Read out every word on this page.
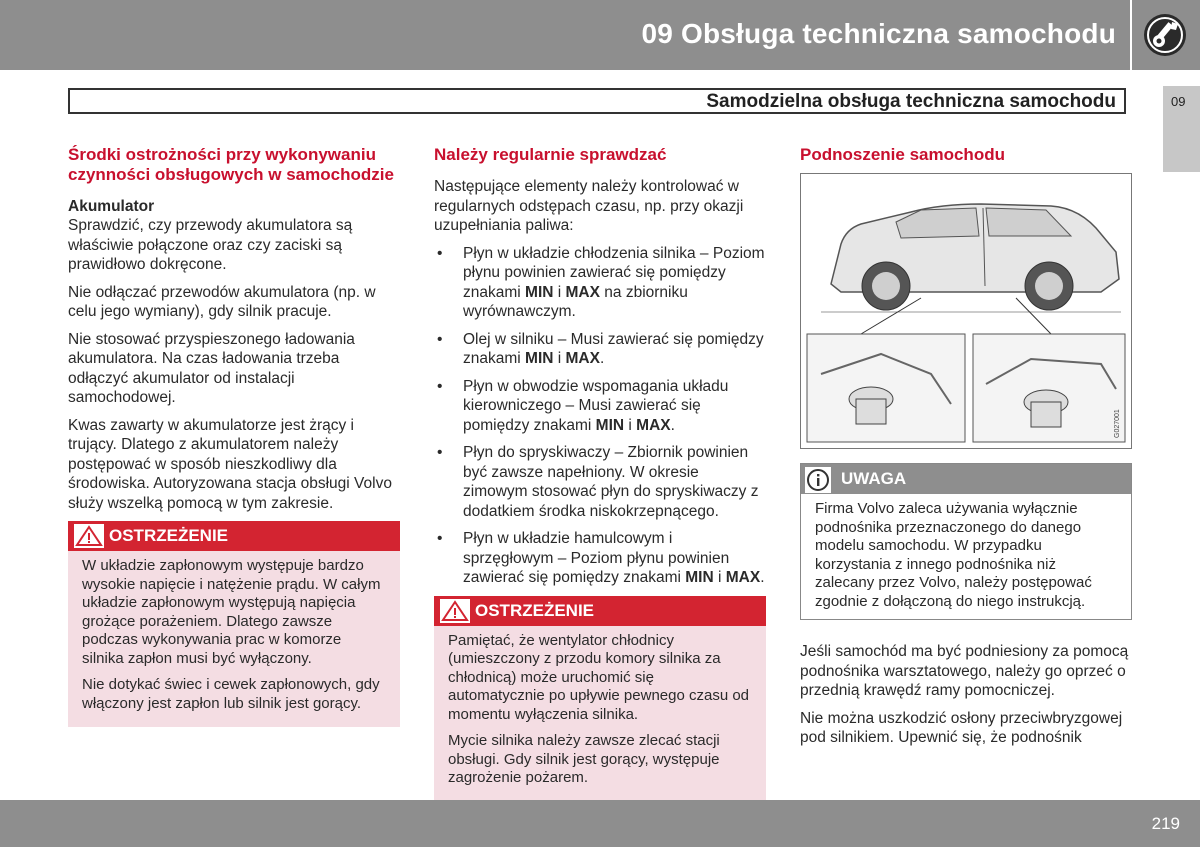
09 Obsługa techniczna samochodu
Samodzielna obsługa techniczna samochodu	09
Środki ostrożności przy wykonywaniu czynności obsługowych w samochodzie
Akumulator

Sprawdzić, czy przewody akumulatora są właściwie połączone oraz czy zaciski są prawidłowo dokręcone.

Nie odłączać przewodów akumulatora (np. w celu jego wymiany), gdy silnik pracuje.

Nie stosować przyspieszonego ładowania akumulatora. Na czas ładowania trzeba odłączyć akumulator od instalacji samochodowej.

Kwas zawarty w akumulatorze jest żrący i trujący. Dlatego z akumulatorem należy postępować w sposób nieszkodliwy dla środowiska. Autoryzowana stacja obsługi Volvo służy wszelką pomocą w tym zakresie.

OSTRZEŻENIE

W układzie zapłonowym występuje bardzo wysokie napięcie i natężenie prądu. W całym układzie zapłonowym występują napięcia grożące porażeniem. Dlatego zawsze podczas wykonywania prac w komorze silnika zapłon musi być wyłączony.

Nie dotykać świec i cewek zapłonowych, gdy włączony jest zapłon lub silnik jest gorący.

Należy regularnie sprawdzać

Następujące elementy należy kontrolować w regularnych odstępach czasu, np. przy okazji uzupełniania paliwa:

• Płyn w układzie chłodzenia silnika – Poziom płynu powinien zawierać się pomiędzy znakami MIN i MAX na zbiorniku wyrównawczym.
• Olej w silniku – Musi zawierać się pomiędzy znakami MIN i MAX.
• Płyn w obwodzie wspomagania układu kierowniczego – Musi zawierać się pomiędzy znakami MIN i MAX.
• Płyn do spryskiwaczy – Zbiornik powinien być zawsze napełniony. W okresie zimowym stosować płyn do spryskiwaczy z dodatkiem środka niskokrzepnącego.
• Płyn w układzie hamulcowym i sprzęgłowym – Poziom płynu powinien zawierać się pomiędzy znakami MIN i MAX.
OSTRZEŻENIE

Pamiętać, że wentylator chłodnicy (umieszczony z przodu komory silnika za chłodnicą) może uruchomić się automatycznie po upływie pewnego czasu od momentu wyłączenia silnika.

Mycie silnika należy zawsze zlecać stacji obsługi. Gdy silnik jest gorący, występuje zagrożenie pożarem.

Podnoszenie samochodu
G027001
UWAGA
Firma Volvo zaleca używania wyłącznie podnośnika przeznaczonego do danego modelu samochodu. W przypadku korzystania z innego podnośnika niż zalecany przez Volvo, należy postępować zgodnie z dołączoną do niego instrukcją.

Jeśli samochód ma być podniesiony za pomocą podnośnika warsztatowego, należy go oprzeć o przednią krawędź ramy pomocniczej.

Nie można uszkodzić osłony przeciwbryzgowej pod silnikiem. Upewnić się, że podnośnik

219
